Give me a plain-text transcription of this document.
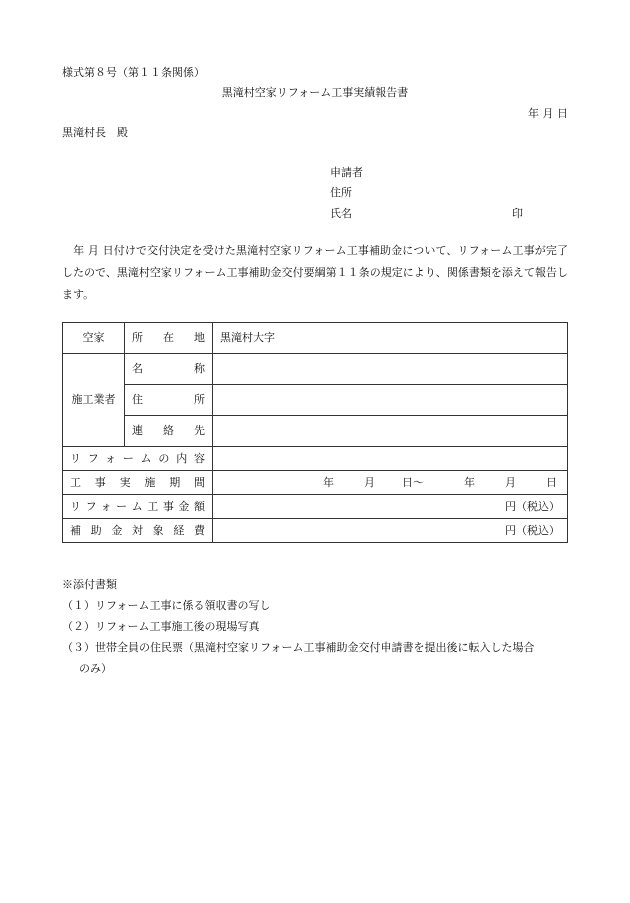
様式第８号（第１１条関係）
黒滝村空家リフォーム工事実績報告書
年 月 日
黒滝村長　殿
申請者
住所
氏名	印
年 月 日付けで交付決定を受けた黒滝村空家リフォーム工事補助金について、リフォーム工事が完了したので、黒滝村空家リフォーム工事補助金交付要綱第１１条の規定により、関係書類を添えて報告します。
空家	所在地	黒滝村大字
施工業者	名称	
	住所	
	連絡先	
リフォームの内容		
工事実施期間		年 月 日〜 年 月 日
リフォーム工事金額		円（税込）
補助金対象経費		円（税込）
※添付書類
（１）リフォーム工事に係る領収書の写し
（２）リフォーム工事施工後の現場写真
（３）世帯全員の住民票（黒滝村空家リフォーム工事補助金交付申請書を提出後に転入した場合
のみ）
